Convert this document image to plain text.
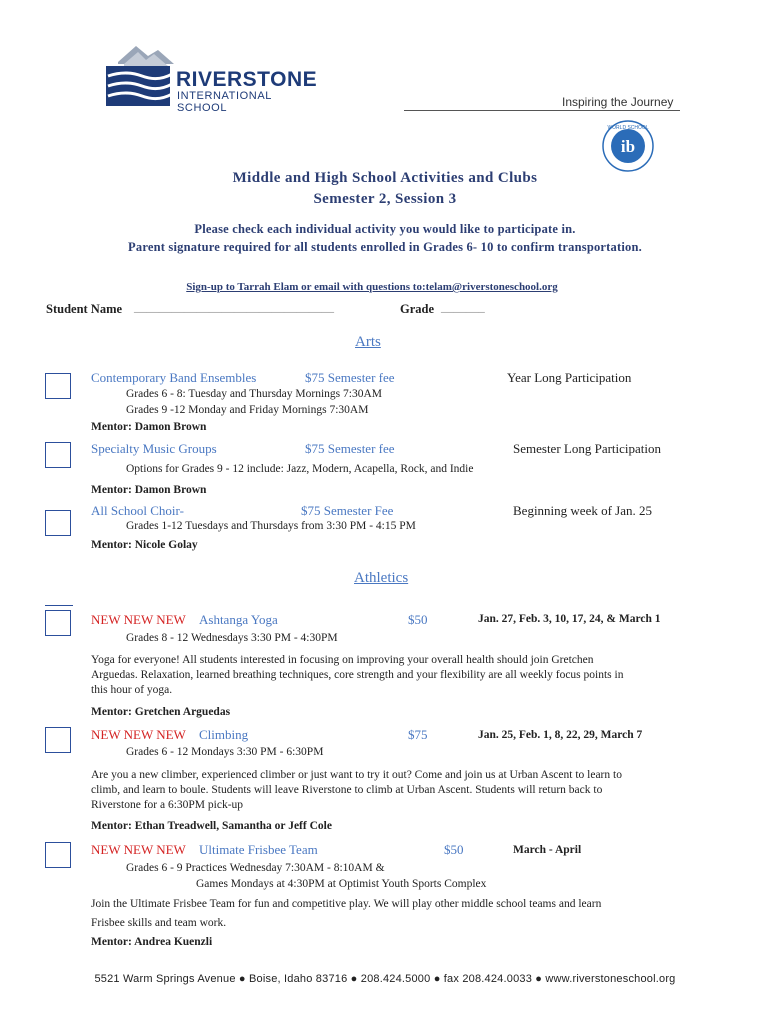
RIVERSTONE
INTERNATIONAL SCHOOL	Inspiring the Journey
ib
WORLD SCHOOL
Middle and High School Activities and Clubs
Semester 2, Session 3
Please check each individual activity you would like to participate in.
Parent signature required for all students enrolled in Grades 6- 10 to confirm transportation.
Sign-up to Tarrah Elam or email with questions to:telam@riverstoneschool.org
Student Name ________________________________	Grade _______
Arts
Contemporary Band Ensembles	$75 Semester fee	Year Long Participation
Grades 6 - 8: Tuesday and Thursday Mornings 7:30AM
Grades 9 -12 Monday and Friday Mornings 7:30AM
Mentor: Damon Brown
Specialty Music Groups	$75 Semester fee	Semester Long Participation
Options for Grades 9 - 12 include: Jazz, Modern, Acapella, Rock, and Indie
Mentor: Damon Brown
All School Choir-	$75 Semester Fee	Beginning week of Jan. 25
Grades 1-12 Tuesdays and Thursdays from 3:30 PM - 4:15 PM
Mentor: Nicole Golay
Athletics
NEW NEW NEW Ashtanga Yoga	$50	Jan. 27, Feb. 3, 10, 17, 24, & March 1
Grades 8 - 12 Wednesdays 3:30 PM - 4:30PM
Yoga for everyone! All students interested in focusing on improving your overall health should join Gretchen
Arguedas. Relaxation, learned breathing techniques, core strength and your flexibility are all weekly focus points in
this hour of yoga.
Mentor: Gretchen Arguedas
NEW NEW NEW Climbing	$75	Jan. 25, Feb. 1, 8, 22, 29, March 7
Grades 6 - 12 Mondays 3:30 PM - 6:30PM
Are you a new climber, experienced climber or just want to try it out? Come and join us at Urban Ascent to learn to
climb, and learn to boule. Students will leave Riverstone to climb at Urban Ascent. Students will return back to
Riverstone for a 6:30PM pick-up
Mentor: Ethan Treadwell, Samantha or Jeff Cole
NEW NEW NEW Ultimate Frisbee Team	$50	March - April
Grades 6 - 9 Practices Wednesday 7:30AM - 8:10AM &
Games Mondays at 4:30PM at Optimist Youth Sports Complex
Join the Ultimate Frisbee Team for fun and competitive play. We will play other middle school teams and learn
Frisbee skills and team work.
Mentor: Andrea Kuenzli
5521 Warm Springs Avenue ● Boise, Idaho 83716 ● 208.424.5000 ● fax 208.424.0033 ● www.riverstoneschool.org
